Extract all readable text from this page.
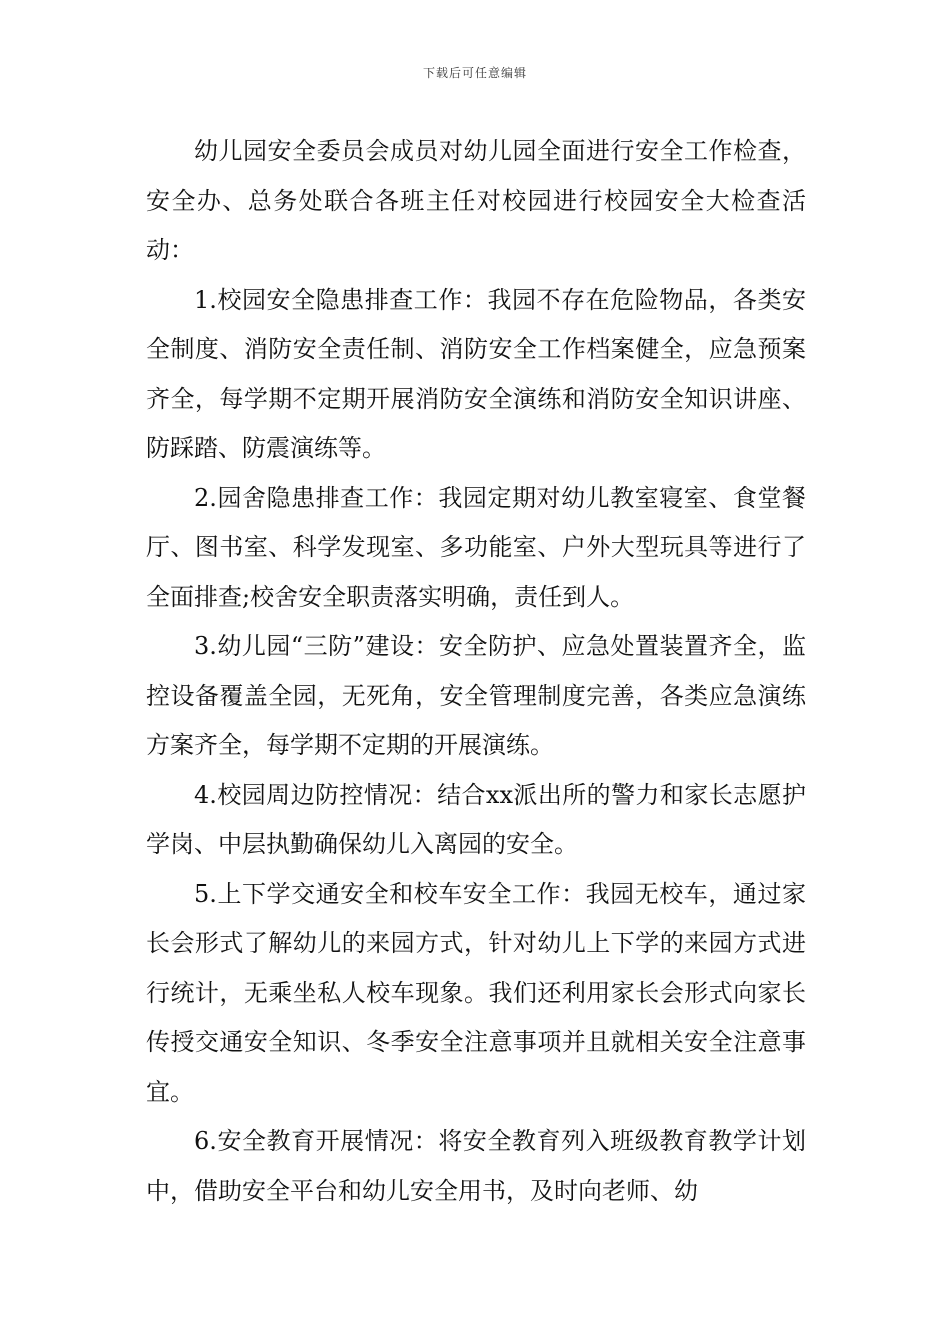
下载后可任意编辑

幼儿园安全委员会成员对幼儿园全面进行安全工作检查，安全办、总务处联合各班主任对校园进行校园安全大检查活动：

1.校园安全隐患排查工作：我园不存在危险物品，各类安全制度、消防安全责任制、消防安全工作档案健全，应急预案齐全，每学期不定期开展消防安全演练和消防安全知识讲座、防踩踏、防震演练等。

2.园舍隐患排查工作：我园定期对幼儿教室寝室、食堂餐厅、图书室、科学发现室、多功能室、户外大型玩具等进行了全面排查;校舍安全职责落实明确，责任到人。

3.幼儿园“三防”建设：安全防护、应急处置装置齐全，监控设备覆盖全园，无死角，安全管理制度完善，各类应急演练方案齐全，每学期不定期的开展演练。

4.校园周边防控情况：结合xx派出所的警力和家长志愿护学岗、中层执勤确保幼儿入离园的安全。

5.上下学交通安全和校车安全工作：我园无校车，通过家长会形式了解幼儿的来园方式，针对幼儿上下学的来园方式进行统计，无乘坐私人校车现象。我们还利用家长会形式向家长传授交通安全知识、冬季安全注意事项并且就相关安全注意事宜。

6.安全教育开展情况：将安全教育列入班级教育教学计划中，借助安全平台和幼儿安全用书，及时向老师、幼
